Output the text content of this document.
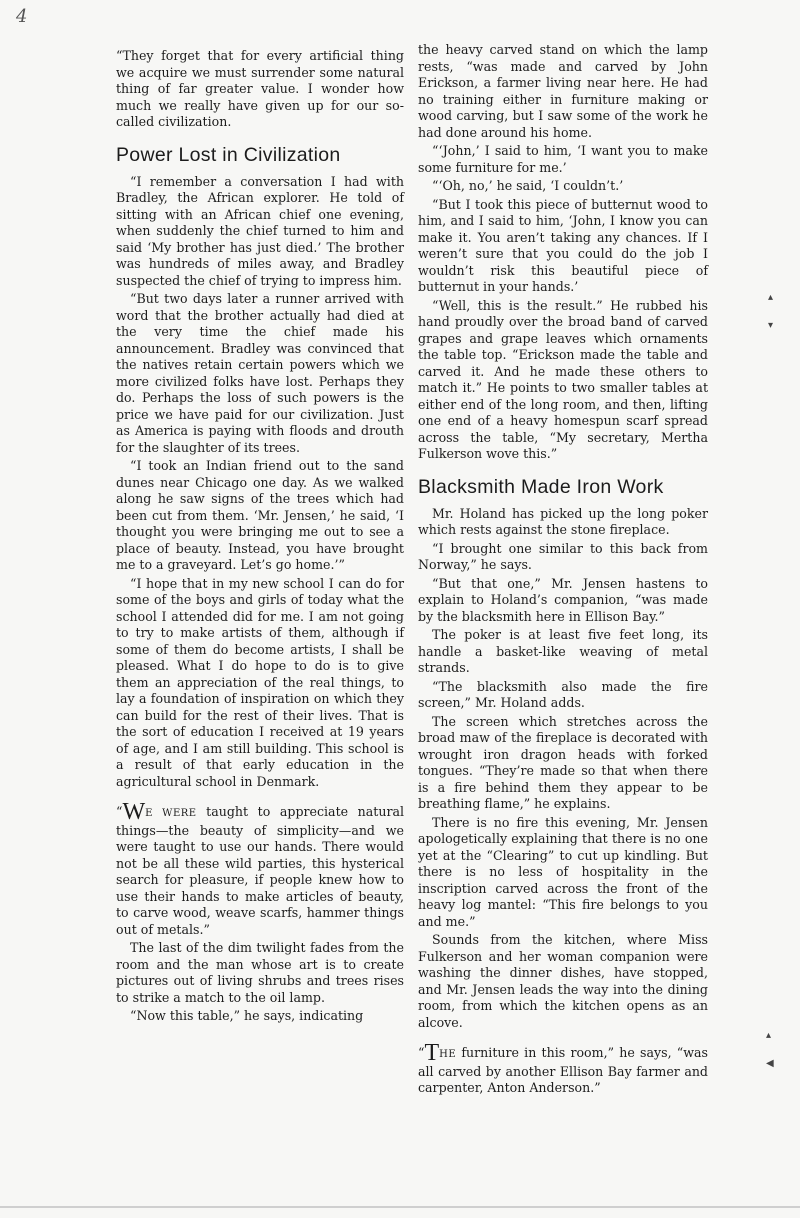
4

“They forget that for every artificial thing we acquire we must surrender some natural thing of far greater value. I wonder how much we really have given up for our so-called civilization.

Power Lost in Civilization

“I remember a conversation I had with Bradley, the African explorer. He told of sitting with an African chief one evening, when suddenly the chief turned to him and said ‘My brother has just died.’ The brother was hundreds of miles away, and Bradley suspected the chief of trying to impress him.

“But two days later a runner arrived with word that the brother actually had died at the very time the chief made his announcement. Bradley was convinced that the natives retain certain powers which we more civilized folks have lost. Perhaps they do. Perhaps the loss of such powers is the price we have paid for our civilization. Just as America is paying with floods and drouth for the slaughter of its trees.

“I took an Indian friend out to the sand dunes near Chicago one day. As we walked along he saw signs of the trees which had been cut from them. ‘Mr. Jensen,’ he said, ‘I thought you were bringing me out to see a place of beauty. Instead, you have brought me to a graveyard. Let’s go home.’”

“I hope that in my new school I can do for some of the boys and girls of today what the school I attended did for me. I am not going to try to make artists of them, although if some of them do become artists, I shall be pleased. What I do hope to do is to give them an appreciation of the real things, to lay a foundation of inspiration on which they can build for the rest of their lives. That is the sort of education I received at 19 years of age, and I am still building. This school is a result of that early education in the agricultural school in Denmark.

“WE WERE taught to appreciate natural things—the beauty of simplicity—and we were taught to use our hands. There would not be all these wild parties, this hysterical search for pleasure, if people knew how to use their hands to make articles of beauty, to carve wood, weave scarfs, hammer things out of metals.”

The last of the dim twilight fades from the room and the man whose art is to create pictures out of living shrubs and trees rises to strike a match to the oil lamp.

“Now this table,” he says, indicating

the heavy carved stand on which the lamp rests, “was made and carved by John Erickson, a farmer living near here. He had no training either in furniture making or wood carving, but I saw some of the work he had done around his home.

“‘John,’ I said to him, ‘I want you to make some furniture for me.’

“‘Oh, no,’ he said, ‘I couldn’t.’

“But I took this piece of butternut wood to him, and I said to him, ‘John, I know you can make it. You aren’t taking any chances. If I weren’t sure that you could do the job I wouldn’t risk this beautiful piece of butternut in your hands.’

“Well, this is the result.” He rubbed his hand proudly over the broad band of carved grapes and grape leaves which ornaments the table top. “Erickson made the table and carved it. And he made these others to match it.” He points to two smaller tables at either end of the long room, and then, lifting one end of a heavy homespun scarf spread across the table, “My secretary, Mertha Fulkerson wove this.”

Blacksmith Made Iron Work

Mr. Holand has picked up the long poker which rests against the stone fireplace.

“I brought one similar to this back from Norway,” he says.

“But that one,” Mr. Jensen hastens to explain to Holand’s companion, “was made by the blacksmith here in Ellison Bay.”

The poker is at least five feet long, its handle a basket-like weaving of metal strands.

“The blacksmith also made the fire screen,” Mr. Holand adds.

The screen which stretches across the broad maw of the fireplace is decorated with wrought iron dragon heads with forked tongues. “They’re made so that when there is a fire behind them they appear to be breathing flame,” he explains.

There is no fire this evening, Mr. Jensen apologetically explaining that there is no one yet at the “Clearing” to cut up kindling. But there is no less of hospitality in the inscription carved across the front of the heavy log mantel: “This fire belongs to you and me.”

Sounds from the kitchen, where Miss Fulkerson and her woman companion were washing the dinner dishes, have stopped, and Mr. Jensen leads the way into the dining room, from which the kitchen opens as an alcove.

“THE furniture in this room,” he says, “was all carved by another Ellison Bay farmer and carpenter, Anton Anderson.”

▴
▾
▴
◀
